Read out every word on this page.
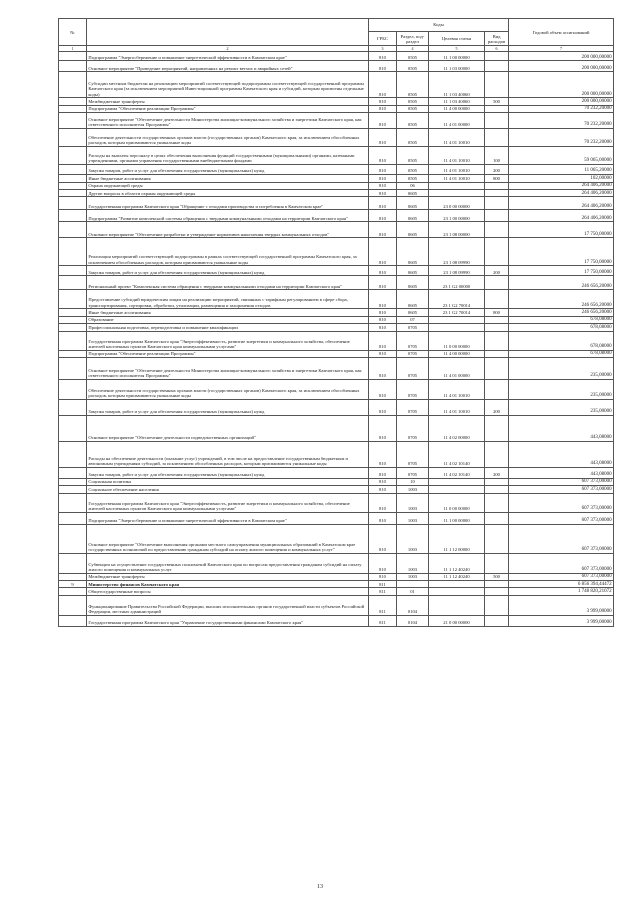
№		Коды				Годовой объем ассигнований
		ГРБС	Раздел, под-раздел	Целевая статья	Вид расходов	
1	2	3	4	5	6	7
	Подпрограмма "Энергосбережение и повышение энергетической эффективности в Камчатском крае"	810	0505	11 1 00 00000		200 000,00000
	Основное мероприятие "Проведение мероприятий, направленных на ремонт ветхих и аварийных сетей"	810	0505	11 1 03 00000		200 000,00000
	Субсидии местным бюджетам на реализацию мероприятий соответствующей подпрограммы соответствующей государственной программы Камчатского края (за исключением мероприятий Инвестиционной программы Камчатского края и субсидий, которым присвоены отдельные коды)	810	0505	11 1 03 40060		200 000,00000
	Межбюджетные трансферты	810	0505	11 1 03 40060	500	200 000,00000
	Подпрограмма "Обеспечение реализации Программы"	810	0505	11 4 00 00000		70 232,20000
	Основное мероприятие "Обеспечение деятельности Министерства жилищно-коммунального хозяйства и энергетики Камчатского края, как ответственного исполнителя Программы"	810	0505	11 4 01 00000		70 232,20000
	Обеспечение деятельности государственных органов власти (государственных органов) Камчатского края, за исключением обособленных расходов, которым присваиваются уникальные коды	810	0505	11 4 01 10010		70 232,20000
	Расходы на выплаты персоналу в целях обеспечения выполнения функций государственными (муниципальными) органами, казенными учреждениями, органами управления государственными внебюджетными фондами	810	0505	11 4 01 10010	100	59 065,00000
	Закупка товаров, работ и услуг для обеспечения государственных (муниципальных) нужд	810	0505	11 4 01 10010	200	11 065,20000
	Иные бюджетные ассигнования	810	0505	11 4 01 10010	800	102,00000
	Охрана окружающей среды	810	06			264 406,20000
	Другие вопросы в области охраны окружающей среды	810	0605			264 406,20000
	Государственная программа Камчатского края "Обращение с отходами производства и потребления в Камчатском крае"	810	0605	23 0 00 00000		264 406,20000
	Подпрограмма "Развитие комплексной системы обращения с твердыми коммунальными отходами на территории Камчатского края"	810	0605	23 1 00 00000		264 406,20000
	Основное мероприятие "Обеспечение разработки и утверждение нормативов накопления твердых коммунальных отходов"	810	0605	23 1 08 00000		17 750,00000
	Реализация мероприятий соответствующей подпрограммы в рамках соответствующей государственной программы Камчатского края, за исключением обособленных расходов, которым присваиваются уникальные коды	810	0605	23 1 08 09990		17 750,00000
	Закупка товаров, работ и услуг для обеспечения государственных (муниципальных) нужд	810	0605	23 1 08 09990	200	17 750,00000
	Региональный проект "Комплексная система обращения с твердыми коммунальными отходами на территории Камчатского края"	810	0605	23 1 G2 00000		246 656,20000
	Предоставление субсидий юридическим лицам на реализацию мероприятий, связанных с тарифным регулированием в сфере сбора, транспортирования, сортировки, обработки, утилизации, размещения и захоронения отходов	810	0605	23 1 G2 70014		246 656,20000
	Иные бюджетные ассигнования	810	0605	23 1 G2 70014	800	246 656,20000
	Образование	810	07			678,08000
	Профессиональная подготовка, переподготовка и повышение квалификации	810	0705			678,08000
	Государственная программа Камчатского края "Энергоэффективность, развитие энергетики и коммунального хозяйства, обеспечение жителей населенных пунктов Камчатского края коммунальными услугами"	810	0705	11 0 00 00000		678,08000
	Подпрограмма "Обеспечение реализации Программы"	810	0705	11 4 00 00000		678,08000
	Основное мероприятие "Обеспечение деятельности Министерства жилищно-коммунального хозяйства и энергетики Камчатского края, как ответственного исполнителя Программы"	810	0705	11 4 01 00000		235,00000
	Обеспечение деятельности государственных органов власти (государственных органов) Камчатского края, за исключением обособленных расходов, которым присваиваются уникальные коды	810	0705	11 4 01 10010		235,00000
	Закупка товаров, работ и услуг для обеспечения государственных (муниципальных) нужд	810	0705	11 4 01 10010	200	235,00000
	Основное мероприятие "Обеспечение деятельности подведомственных организаций"	810	0705	11 4 02 00000		443,08000
	Расходы на обеспечение деятельности (оказание услуг) учреждений, в том числе на предоставление государственным бюджетным и автономным учреждениям субсидий, за исключением обособленных расходов, которым присваиваются уникальные коды	810	0705	11 4 02 10140		443,08000
	Закупка товаров, работ и услуг для обеспечения государственных (муниципальных) нужд	810	0705	11 4 02 10140	200	443,08000
	Социальная политика	810	10			607 373,00000
	Социальное обеспечение населения	810	1003			607 373,00000
	Государственная программа Камчатского края "Энергоэффективность, развитие энергетики и коммунального хозяйства, обеспечение жителей населенных пунктов Камчатского края коммунальными услугами"	810	1003	11 0 00 00000		607 373,00000
	Подпрограмма "Энергосбережение и повышение энергетической эффективности в Камчатском крае"	810	1003	11 1 00 00000		607 373,00000
	Основное мероприятие "Обеспечение выполнения органами местного самоуправления муниципальных образований в Камчатском крае государственных полномочий по предоставлению гражданам субсидий на оплату жилого помещения и коммунальных услуг"	810	1003	11 1 12 00000		607 373,00000
	Субвенции на осуществление государственных полномочий Камчатского края по вопросам предоставления гражданам субсидий на оплату жилого помещения и коммунальных услуг	810	1003	11 1 12 40240		607 373,00000
	Межбюджетные трансферты	810	1003	11 1 12 40240	500	607 373,00000
9	Министерство финансов Камчатского края	811				6 856 394,44472
	Общегосударственные вопросы	811	01			1 748 820,21072
	Функционирование Правительства Российской Федерации, высших исполнительных органов государственной власти субъектов Российской Федерации, местных администраций	811	0104			3 999,00000
	Государственная программа Камчатского края "Управление государственными финансами Камчатского края"	811	0104	21 0 00 00000		3 999,00000
13
